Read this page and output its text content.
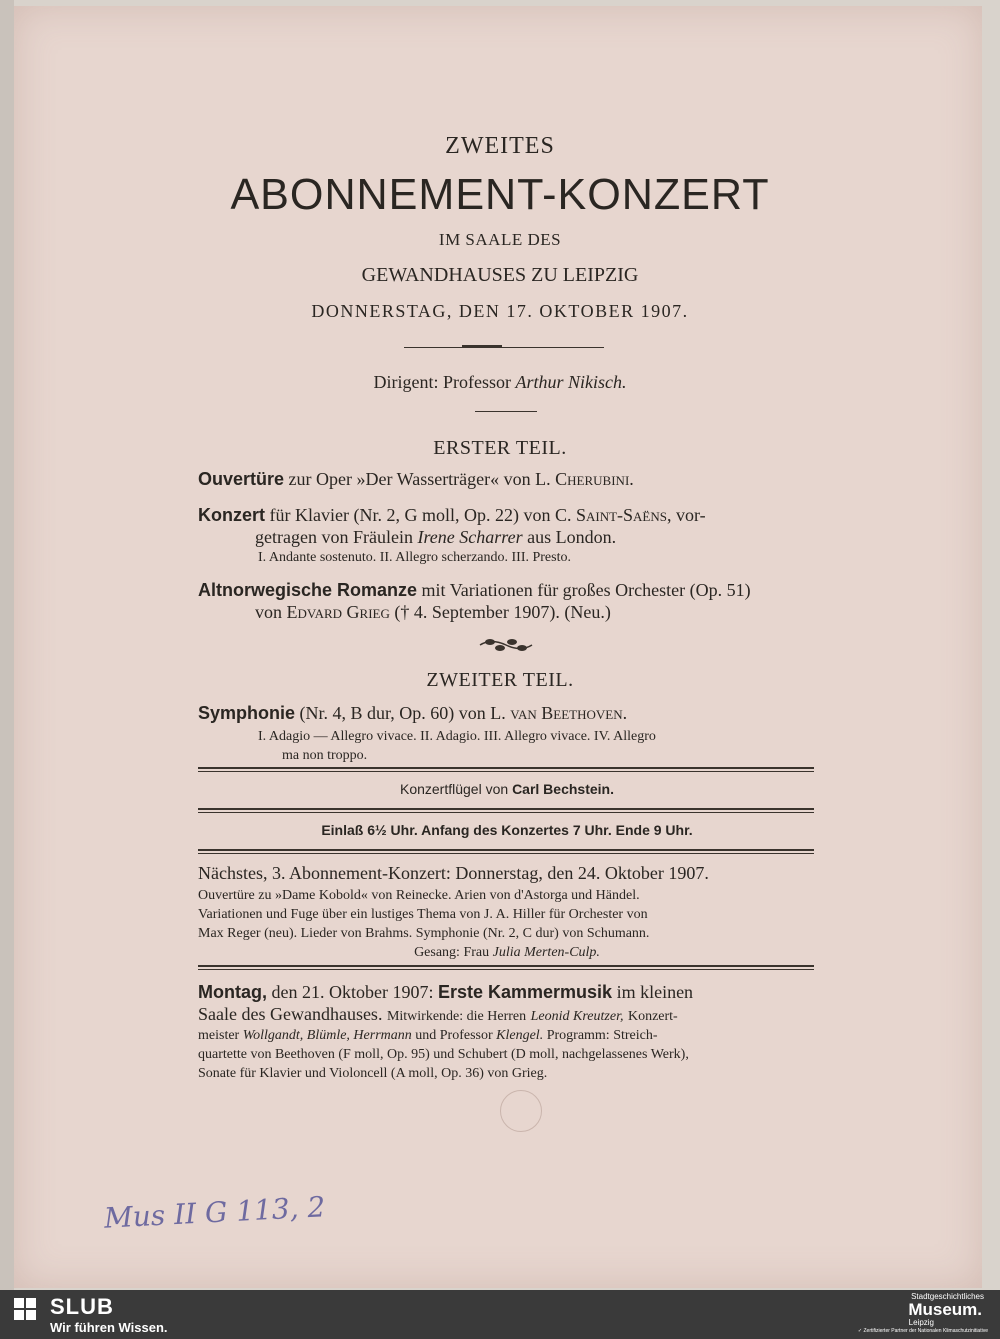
ZWEITES
ABONNEMENT-KONZERT
IM SAALE DES
GEWANDHAUSES ZU LEIPZIG
DONNERSTAG, DEN 17. OKTOBER 1907.
Dirigent: Professor Arthur Nikisch.
ERSTER TEIL.
Ouvertüre zur Oper »Der Wasserträger« von L. Cherubini.
Konzert für Klavier (Nr. 2, G moll, Op. 22) von C. Saint-Saëns, vor-
getragen von Fräulein Irene Scharrer aus London.
I. Andante sostenuto. II. Allegro scherzando. III. Presto.
Altnorwegische Romanze mit Variationen für großes Orchester (Op. 51)
von Edvard Grieg († 4. September 1907). (Neu.)
ZWEITER TEIL.
Symphonie (Nr. 4, B dur, Op. 60) von L. van Beethoven.
I. Adagio — Allegro vivace. II. Adagio. III. Allegro vivace. IV. Allegro
ma non troppo.
Konzertflügel von Carl Bechstein.
Einlaß 6½ Uhr. Anfang des Konzertes 7 Uhr. Ende 9 Uhr.
Nächstes, 3. Abonnement-Konzert: Donnerstag, den 24. Oktober 1907.
Ouvertüre zu »Dame Kobold« von Reinecke. Arien von d'Astorga und Händel.
Variationen und Fuge über ein lustiges Thema von J. A. Hiller für Orchester von
Max Reger (neu). Lieder von Brahms. Symphonie (Nr. 2, C dur) von Schumann.
Gesang: Frau Julia Merten-Culp.
Montag, den 21. Oktober 1907: Erste Kammermusik im kleinen
Saale des Gewandhauses. Mitwirkende: die Herren Leonid Kreutzer, Konzert-
meister Wollgandt, Blümle, Herrmann und Professor Klengel. Programm: Streich-
quartette von Beethoven (F moll, Op. 95) und Schubert (D moll, nachgelassenes Werk),
Sonate für Klavier und Violoncell (A moll, Op. 36) von Grieg.
Mus II G 113, 2
SLUB
Wir führen Wissen.
Stadtgeschichtliches
Museum.
Leipzig
✓ Zertifizierter Partner der Nationalen Klimaschutzinitiative
